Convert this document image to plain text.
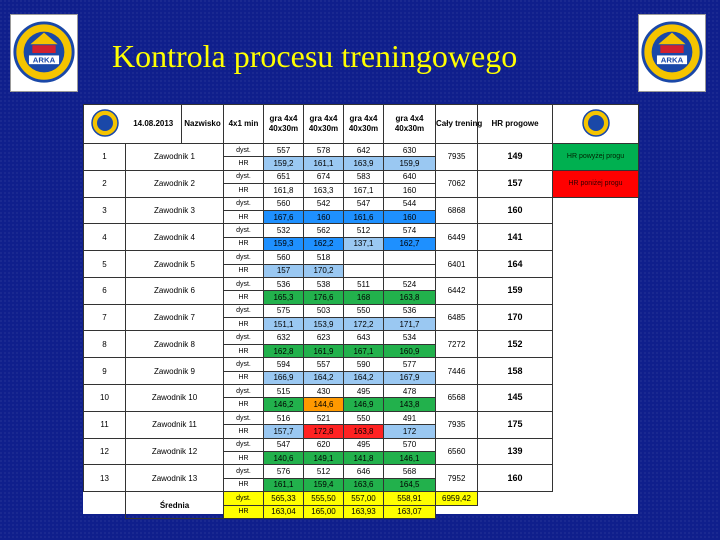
ARKA Kontrola procesu treningowego	ARKA
	14.08.2013	Nazwisko	4x1 min	gra 4x4 40x30m	gra 4x4 40x30m	gra 4x4 40x30m	gra 4x4 40x30m	Cały trening	HR progowe	
1	Zawodnik 1		dyst.	557	578	642	630	7935	149	HR powyżej progu
			HR	159,2	161,1	163,9	159,9			
2	Zawodnik 2		dyst.	651	674	583	640	7062	157	HR poniżej progu
			HR	161,8	163,3	167,1	160			
3	Zawodnik 3		dyst.	560	542	547	544	6868	160	
			HR	167,6	160	161,6	160			
4	Zawodnik 4		dyst.	532	562	512	574	6449	141	
			HR	159,3	162,2	137,1	162,7			
5	Zawodnik 5		dyst.	560	518			6401	164	
			HR	157	170,2					
6	Zawodnik 6		dyst.	536	538	511	524	6442	159	
			HR	165,3	176,6	168	163,8			
7	Zawodnik 7		dyst.	575	503	550	536	6485	170	
			HR	151,1	153,9	172,2	171,7			
8	Zawodnik 8		dyst.	632	623	643	534	7272	152	
			HR	162,8	161,9	167,1	160,9			
9	Zawodnik 9		dyst.	594	557	590	577	7446	158	
			HR	166,9	164,2	164,2	167,9			
10	Zawodnik 10		dyst.	515	430	495	478	6568	145	
			HR	146,2	144,6	146,9	143,8			
11	Zawodnik 11		dyst.	516	521	550	491	7935	175	
			HR	157,7	172,8	163,8	172			
12	Zawodnik 12		dyst.	547	620	495	570	6560	139	
			HR	140,6	149,1	141,8	146,1			
13	Zawodnik 13		dyst.	576	512	646	568	7952	160	
			HR	161,1	159,4	163,6	164,5			
	Średnia		dyst.	565,33	555,50	557,00	558,91	6959,42		
			HR	163,04	165,00	163,93	163,07			
